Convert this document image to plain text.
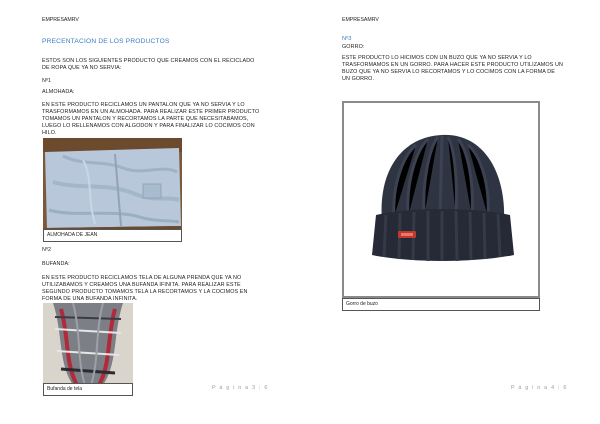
EMPRESAMRV
PRECENTACION DE LOS PRODUCTOS
ESTOS SON LOS SIGUIENTES PRODUCTO QUE CREAMOS CON EL RECICLADO DE ROPA QUE YA NO SERVIA:
Nº1
ALMOHADA:
EN ESTE PRODUCTO RECICLAMOS UN PANTALON QUE YA NO SERVIA Y LO TRASFORMAMOS EN UN ALMOHADA. PARA REALIZAR ESTE PRIMER PRODUCTO TOMAMOS UN PANTALON Y RECORTAMOS LA PARTE QUE NECESITABAMOS, LUEGO LO RELLENAMOS CON ALGODON Y PARA FINALIZAR LO COCIMOS CON HILO.
ALMOHADA DE JEAN
Nº2
BUFANDA:
EN ESTE PRODUCTO RECICLAMOS TELA DE ALGUNA PRENDA QUE YA NO UTILIZABAMOS Y CREAMOS UNA BUFANDA IFINITA. PARA REALIZAR ESTE SEGUNDO PRODUCTO TOMAMOS TELA LA RECORTAMOS Y LA COCIMOS EN FORMA DE UNA BUFANDA INFINITA.
Bufanda de tela	P á g i n a 3 | 6
EMPRESAMRV
Nº3
GORRO:
ESTE PRODUCTO LO HICIMOS CON UN BUZO QUE YA NO SERVIA Y LO TRASFORMAMOS EN UN GORRO. PARA HACER ESTE PRODUCTO UTILIZAMOS UN BUZO QUE YA NO SERVIA LO RECORTAMOS Y LO COCIMOS CON LA FORMA DE UN GORRO.
Gorro de buzo
P á g i n a 4 | 6
